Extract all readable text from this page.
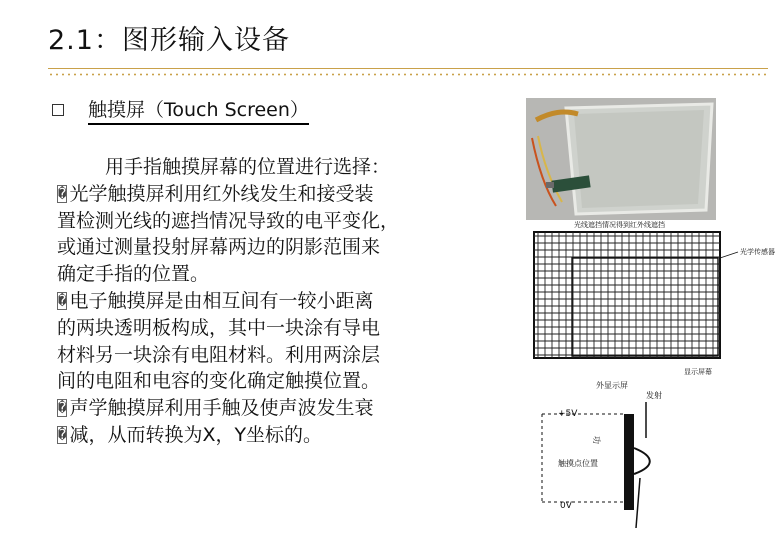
2.1：图形输入设备
触摸屏（Touch Screen）
用手指触摸屏幕的位置进行选择：
� 光学触摸屏利用红外线发生和接受装
置检测光线的遮挡情况导致的电平变化，
或通过测量投射屏幕两边的阴影范围来
确定手指的位置。
� 电子触摸屏是由相互间有一较小距离
的两块透明板构成，其中一块涂有导电
材料另一块涂有电阻材料。利用两涂层
间的电阻和电容的变化确定触摸位置。
� 声学触摸屏利用手触及使声波发生衰
� 减，从而转换为X，Y坐标的。
光线遮挡情况得到红外线遮挡
光学传感器
显示屏幕
外显示屏
+5V
0V
触摸点位置
发射
功
